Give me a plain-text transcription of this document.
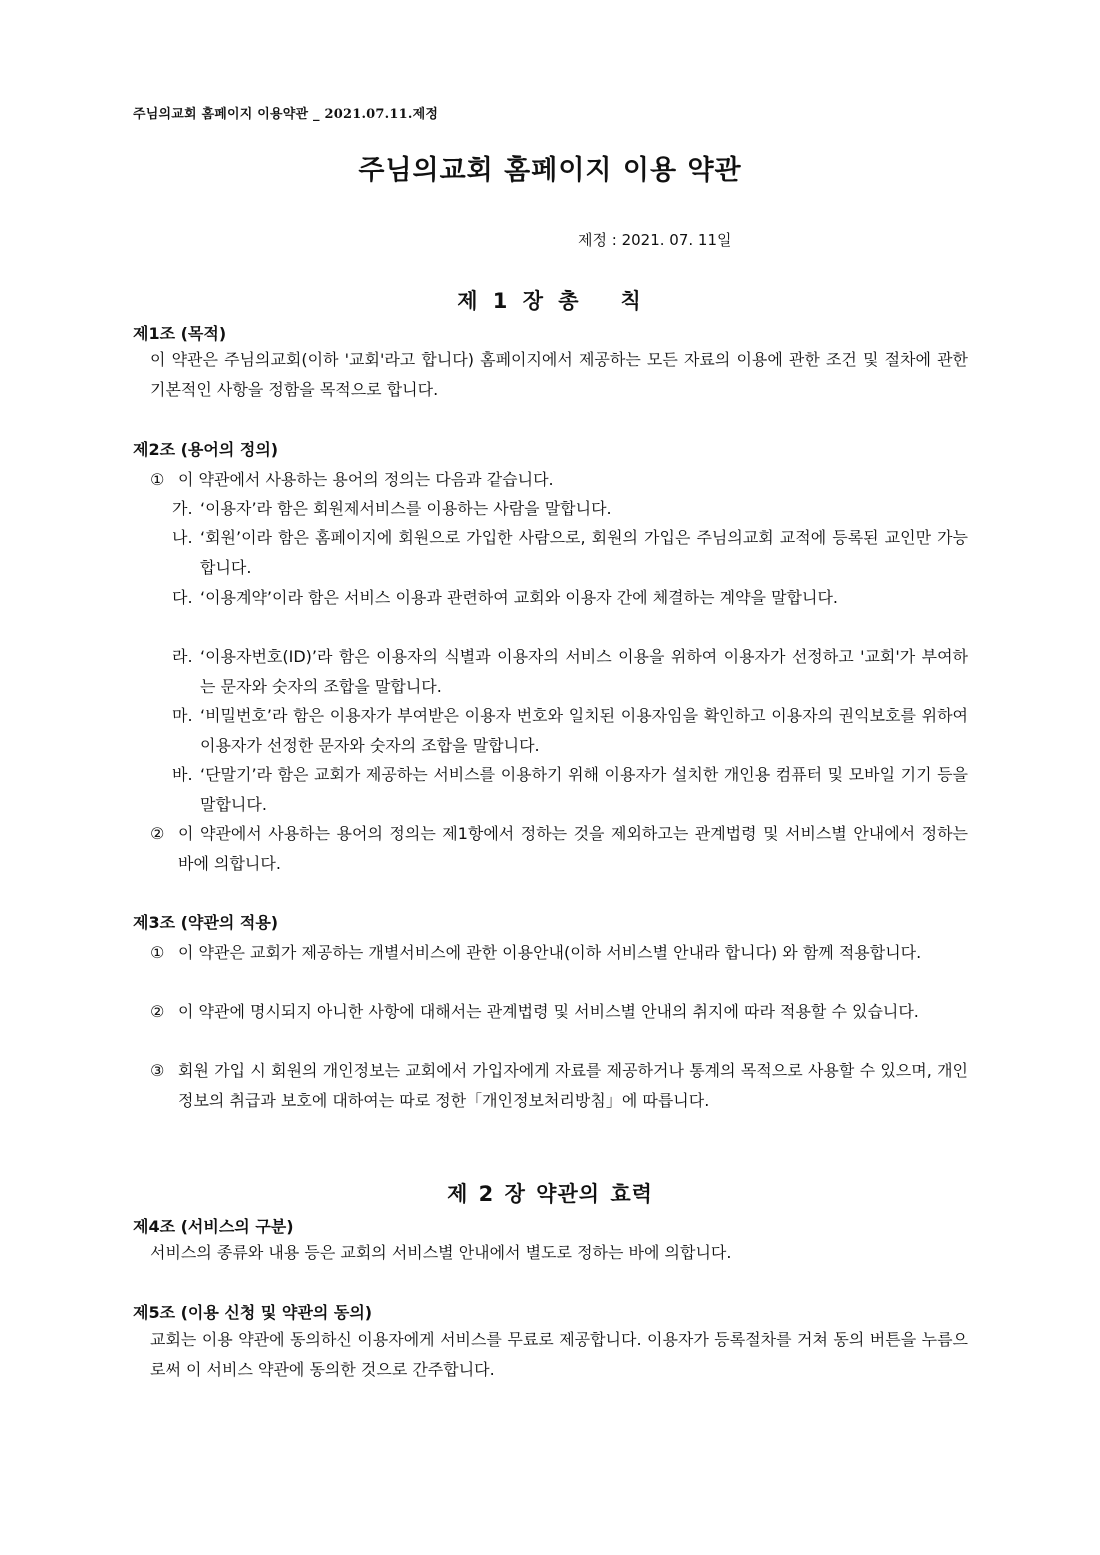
주님의교회 홈페이지 이용약관 _ 2021.07.11.제정
주님의교회 홈페이지 이용 약관
제정 : 2021. 07. 11일
제 1 장 총   칙
제1조 (목적)
이 약관은 주님의교회(이하 '교회'라고 합니다) 홈페이지에서 제공하는 모든 자료의 이용에 관한 조건 및 절차에 관한 기본적인 사항을 정함을 목적으로 합니다.
제2조 (용어의 정의)
① 이 약관에서 사용하는 용어의 정의는 다음과 같습니다.
가. ‘이용자’라 함은 회원제서비스를 이용하는 사람을 말합니다.
나. ‘회원’이라 함은 홈페이지에 회원으로 가입한 사람으로, 회원의 가입은 주님의교회 교적에 등록된 교인만 가능합니다.
다. ‘이용계약’이라 함은 서비스 이용과 관련하여 교회와 이용자 간에 체결하는 계약을 말합니다.
라. ‘이용자번호(ID)’라 함은 이용자의 식별과 이용자의 서비스 이용을 위하여 이용자가 선정하고 '교회'가 부여하는 문자와 숫자의 조합을 말합니다.
마. ‘비밀번호’라 함은 이용자가 부여받은 이용자 번호와 일치된 이용자임을 확인하고 이용자의 권익보호를 위하여 이용자가 선정한 문자와 숫자의 조합을 말합니다.
바. ‘단말기’라 함은 교회가 제공하는 서비스를 이용하기 위해 이용자가 설치한 개인용 컴퓨터 및 모바일 기기 등을 말합니다.
② 이 약관에서 사용하는 용어의 정의는 제1항에서 정하는 것을 제외하고는 관계법령 및 서비스별 안내에서 정하는 바에 의합니다.
제3조 (약관의 적용)
① 이 약관은 교회가 제공하는 개별서비스에 관한 이용안내(이하 서비스별 안내라 합니다) 와 함께 적용합니다.
② 이 약관에 명시되지 아니한 사항에 대해서는 관계법령 및 서비스별 안내의 취지에 따라 적용할 수 있습니다.
③ 회원 가입 시 회원의 개인정보는 교회에서 가입자에게 자료를 제공하거나 통계의 목적으로 사용할 수 있으며, 개인정보의 취급과 보호에 대하여는 따로 정한「개인정보처리방침」에 따릅니다.
제 2 장 약관의 효력
제4조 (서비스의 구분)
서비스의 종류와 내용 등은 교회의 서비스별 안내에서 별도로 정하는 바에 의합니다.
제5조 (이용 신청 및 약관의 동의)
교회는 이용 약관에 동의하신 이용자에게 서비스를 무료로 제공합니다. 이용자가 등록절차를 거쳐 동의 버튼을 누름으로써 이 서비스 약관에 동의한 것으로 간주합니다.
